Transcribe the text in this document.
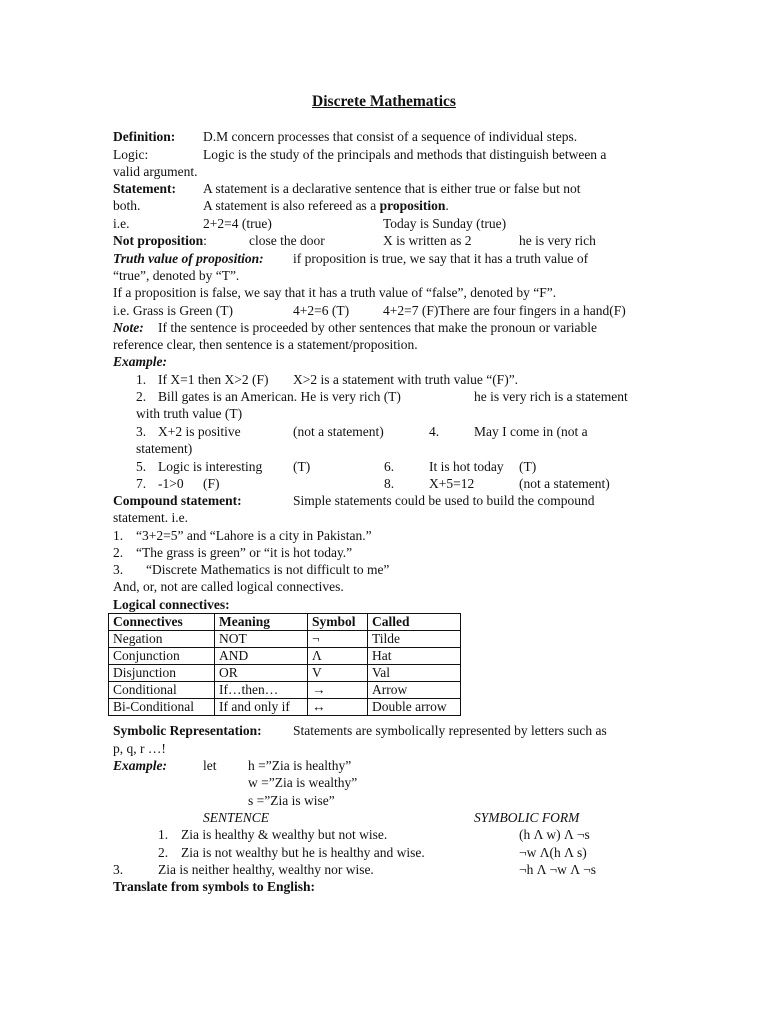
Discrete Mathematics
Definition: D.M concern processes that consist of a sequence of individual steps.
Logic:	Logic is the study of the principals and methods that distinguish between a
valid argument.
Statement: A statement is a declarative sentence that is either true or false but not
both.	A statement is also refereed as a proposition.
i.e.	2+2=4 (true)	Today is Sunday (true)
Not proposition:	close the door	X is written as 2	he is very rich
Truth value of proposition: if proposition is true, we say that it has a truth value of
“true”, denoted by “T”.
If a proposition is false, we say that it has a truth value of “false”, denoted by “F”.
i.e. Grass is Green (T)	4+2=6 (T)	4+2=7 (F)There are four fingers in a hand(F)
Note: If the sentence is proceeded by other sentences that make the pronoun or variable
reference clear, then sentence is a statement/proposition.
Example:
1. If X=1 then X>2 (F) X>2 is a statement with truth value “(F)”.
2. Bill gates is an American. He is very rich (T)	he is very rich is a statement
with truth value (T)
3. X+2 is positive	(not a statement)	4.	May I come in (not a
statement)
5. Logic is interesting (T)	6.	It is hot today (T)
7. -1>0 (F)	8.	X+5=12	(not a statement)
Compound statement:	Simple statements could be used to build the compound
statement. i.e.
1. “3+2=5” and “Lahore is a city in Pakistan.”
2. “The grass is green” or “it is hot today.”
3. “Discrete Mathematics is not difficult to me”
And, or, not are called logical connectives.
Logical connectives:
Connectives	Meaning	Symbol	Called
Negation	NOT	¬	Tilde
Conjunction	AND	Λ	Hat
Disjunction	OR	V	Val
Conditional	If…then…	→	Arrow
Bi-Conditional	If and only if	↔	Double arrow
Symbolic Representation: Statements are symbolically represented by letters such as
p, q, r …!
Example:	let h =”Zia is healthy”
w =”Zia is wealthy”
s =”Zia is wise”
SENTENCE	SYMBOLIC FORM
1. Zia is healthy & wealthy but not wise.	(h Λ w) Λ ¬s
2. Zia is not wealthy but he is healthy and wise.	¬w Λ(h Λ s)
3.	Zia is neither healthy, wealthy nor wise.	¬h Λ ¬w Λ ¬s
Translate from symbols to English:
